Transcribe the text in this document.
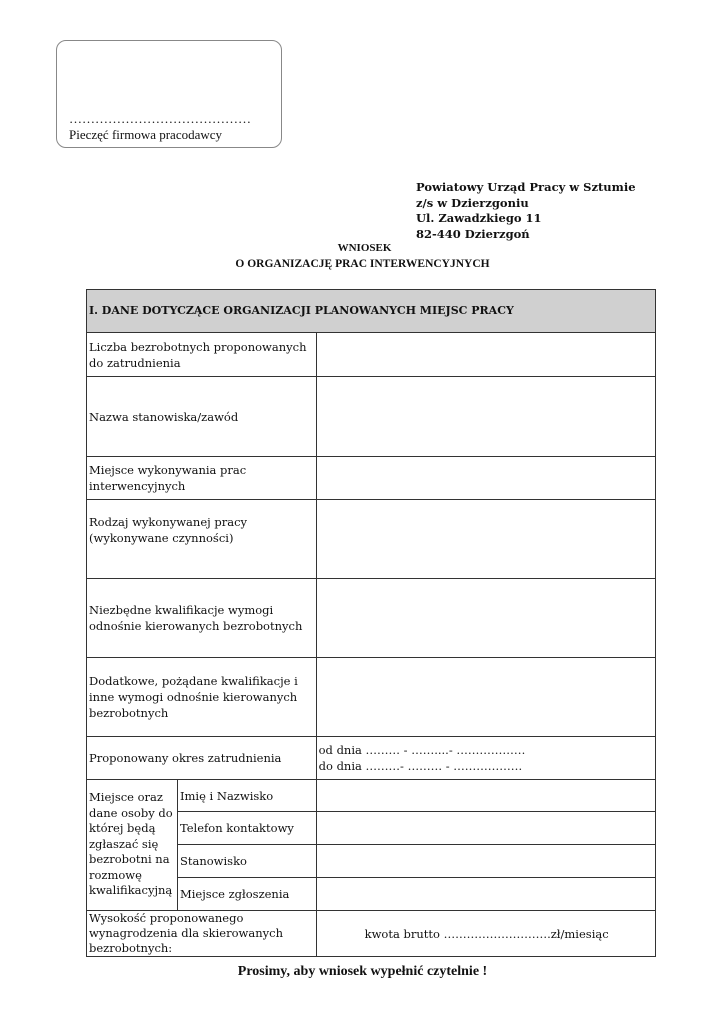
……………………………………
Pieczęć firmowa pracodawcy
Powiatowy Urząd Pracy w Sztumie
z/s w Dzierzgoniu
Ul. Zawadzkiego 11
82-440 Dzierzgoń
WNIOSEK
O ORGANIZACJĘ PRAC INTERWENCYJNYCH
I. DANE DOTYCZĄCE ORGANIZACJI PLANOWANYCH MIEJSC PRACY		
Liczba bezrobotnych proponowanych do zatrudnienia		
Nazwa stanowiska/zawód		
Miejsce wykonywania prac interwencyjnych		
Rodzaj wykonywanej pracy (wykonywane czynności)		
Niezbędne kwalifikacje wymogi odnośnie kierowanych bezrobotnych		
Dodatkowe, pożądane kwalifikacje i inne wymogi odnośnie kierowanych bezrobotnych		
Proponowany okres zatrudnienia		od dnia ……… - ……....- ………………
do dnia ………- ……… - ………………

Miejsce oraz dane osoby do której będą zgłaszać się bezrobotni na rozmowę kwalifikacyjną	Imię i Nazwisko	
	Telefon kontaktowy	
	Stanowisko	
	Miejsce zgłoszenia	
Wysokość proponowanego wynagrodzenia dla skierowanych bezrobotnych:		kwota brutto ……………………….zł/miesiąc
Prosimy, aby wniosek wypełnić czytelnie !
